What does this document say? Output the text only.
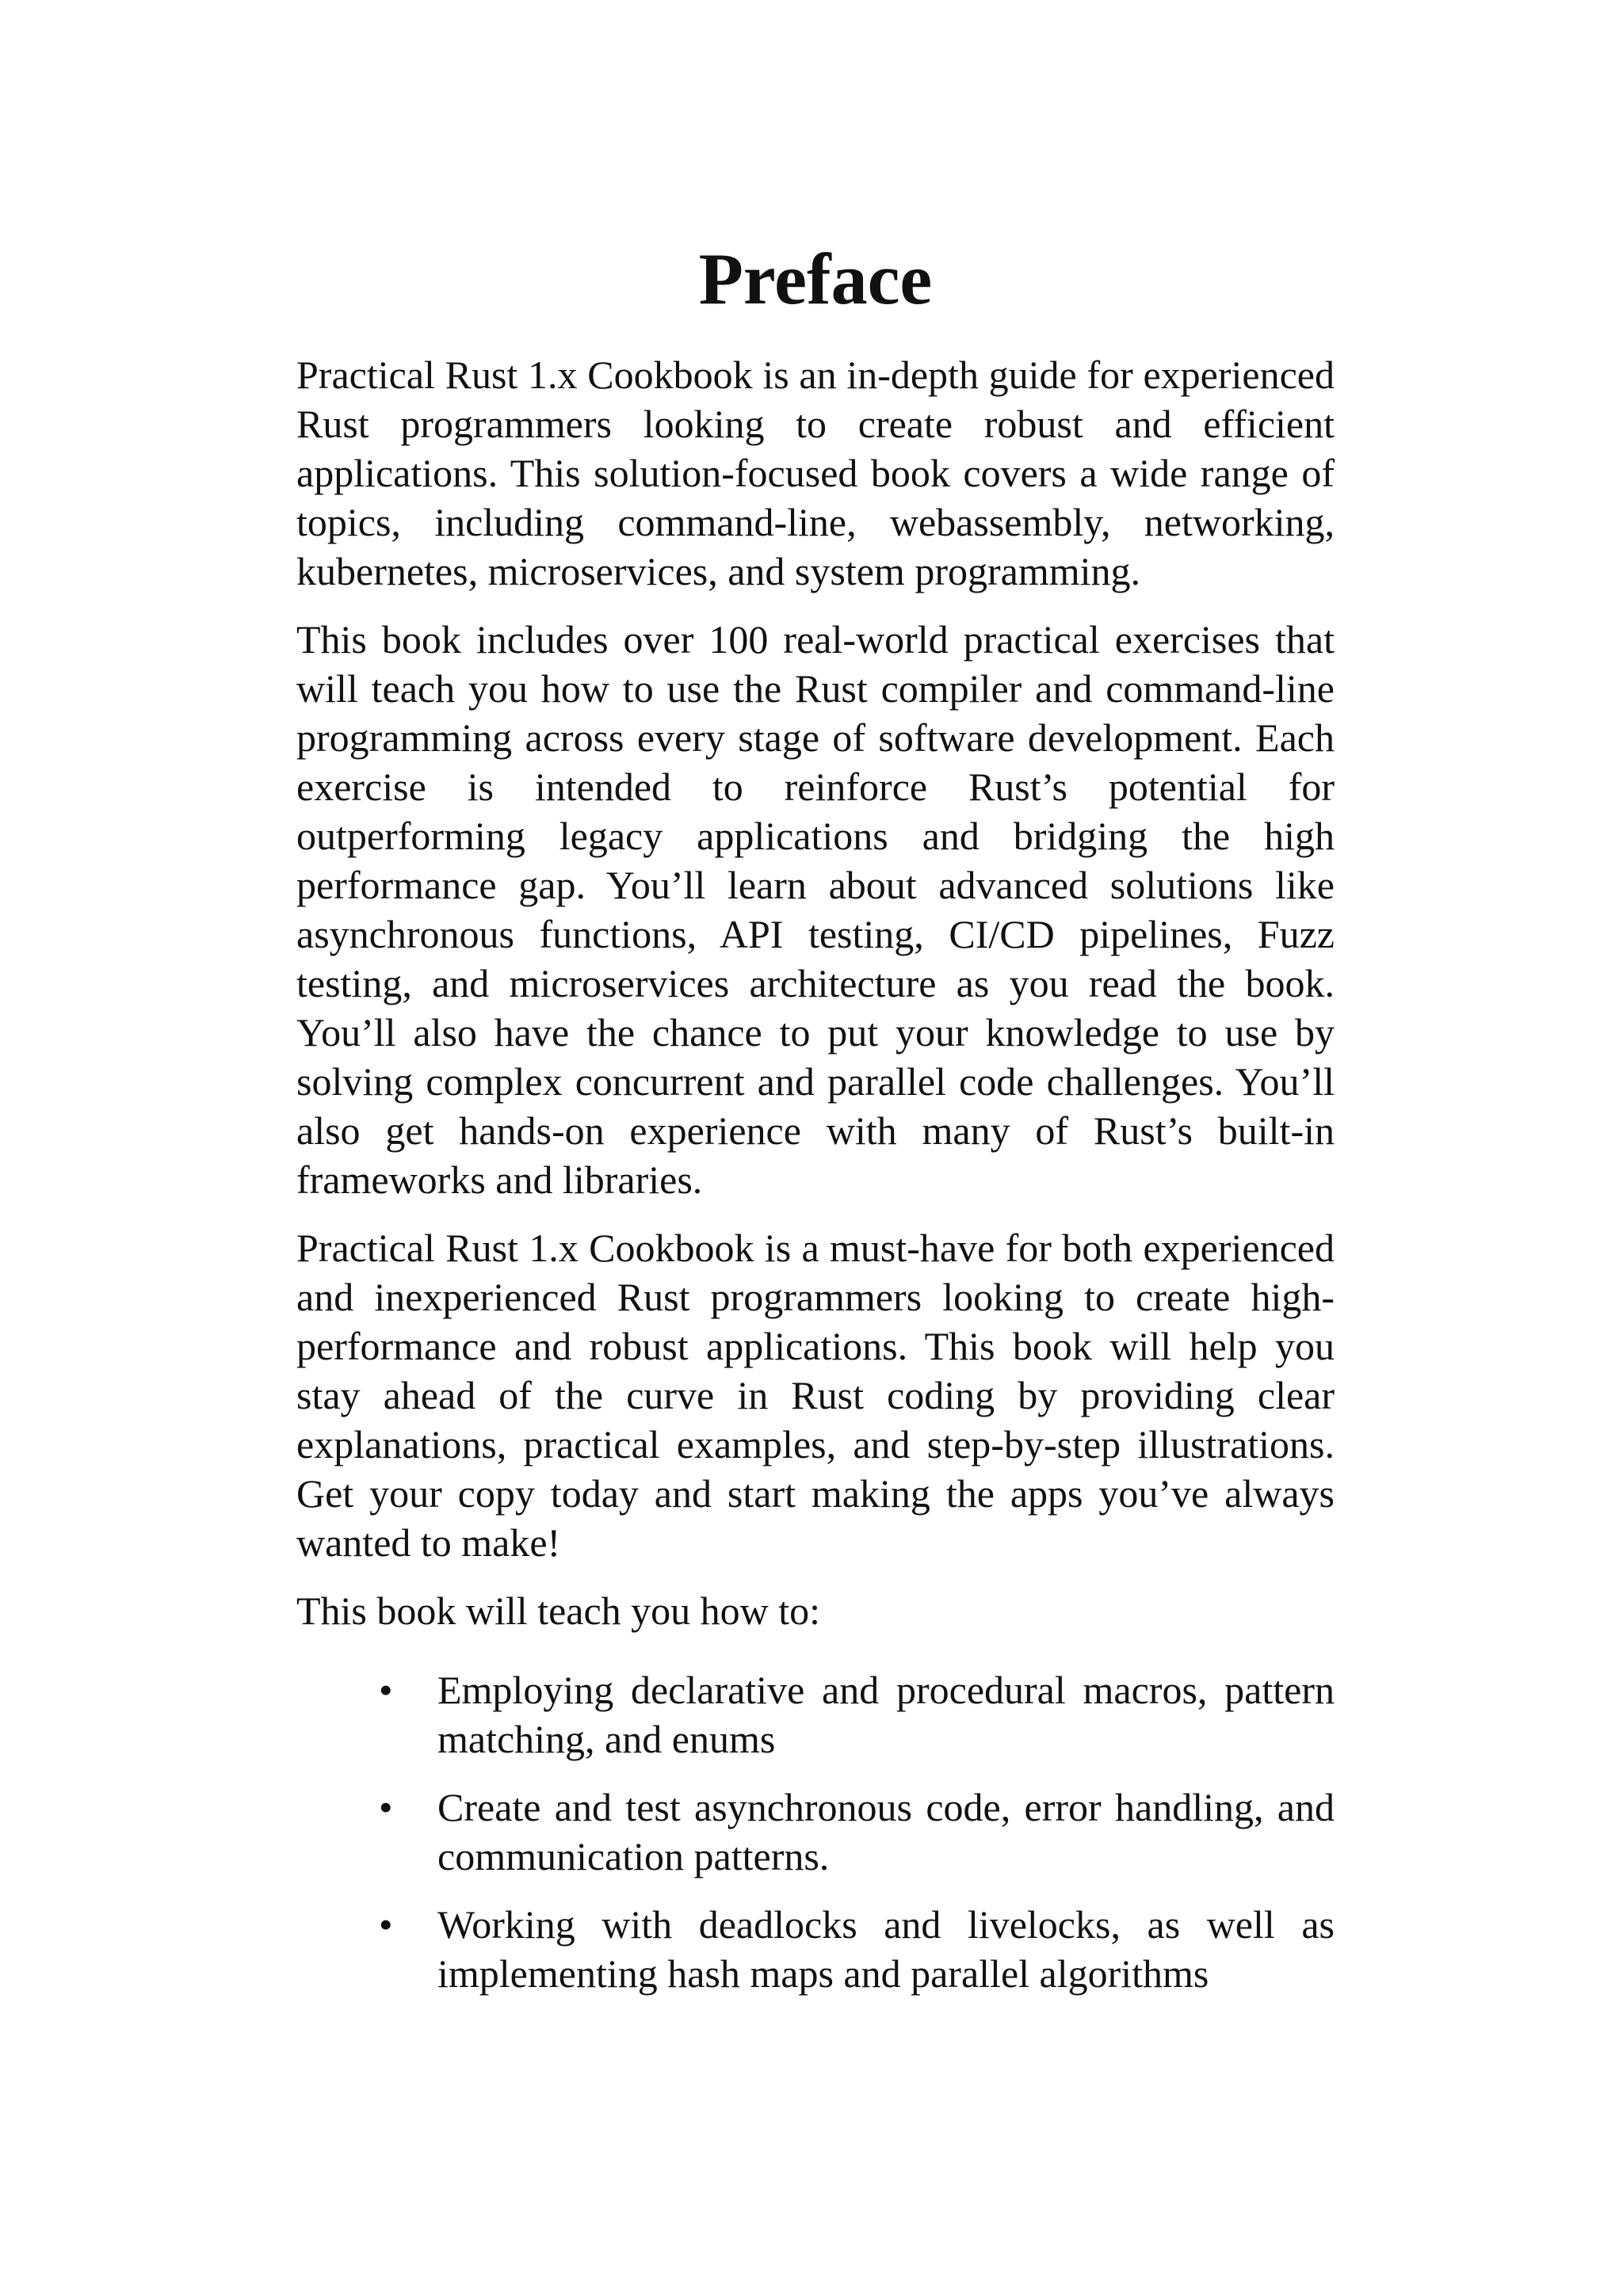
Preface

Practical Rust 1.x Cookbook is an in-depth guide for experienced Rust programmers looking to create robust and efficient applications. This solution-focused book covers a wide range of topics, including command-line, webassembly, networking, kubernetes, microservices, and system programming.

This book includes over 100 real-world practical exercises that will teach you how to use the Rust compiler and command-line programming across every stage of software development. Each exercise is intended to reinforce Rust’s potential for outperforming legacy applications and bridging the high performance gap. You’ll learn about advanced solutions like asynchronous functions, API testing, CI/CD pipelines, Fuzz testing, and microservices architecture as you read the book. You’ll also have the chance to put your knowledge to use by solving complex concurrent and parallel code challenges. You’ll also get hands-on experience with many of Rust’s built-in frameworks and libraries.

Practical Rust 1.x Cookbook is a must-have for both experienced and inexperienced Rust programmers looking to create high-performance and robust applications. This book will help you stay ahead of the curve in Rust coding by providing clear explanations, practical examples, and step-by-step illustrations. Get your copy today and start making the apps you’ve always wanted to make!

This book will teach you how to:

• Employing declarative and procedural macros, pattern matching, and enums
• Create and test asynchronous code, error handling, and communication patterns.
• Working with deadlocks and livelocks, as well as implementing hash maps and parallel algorithms
